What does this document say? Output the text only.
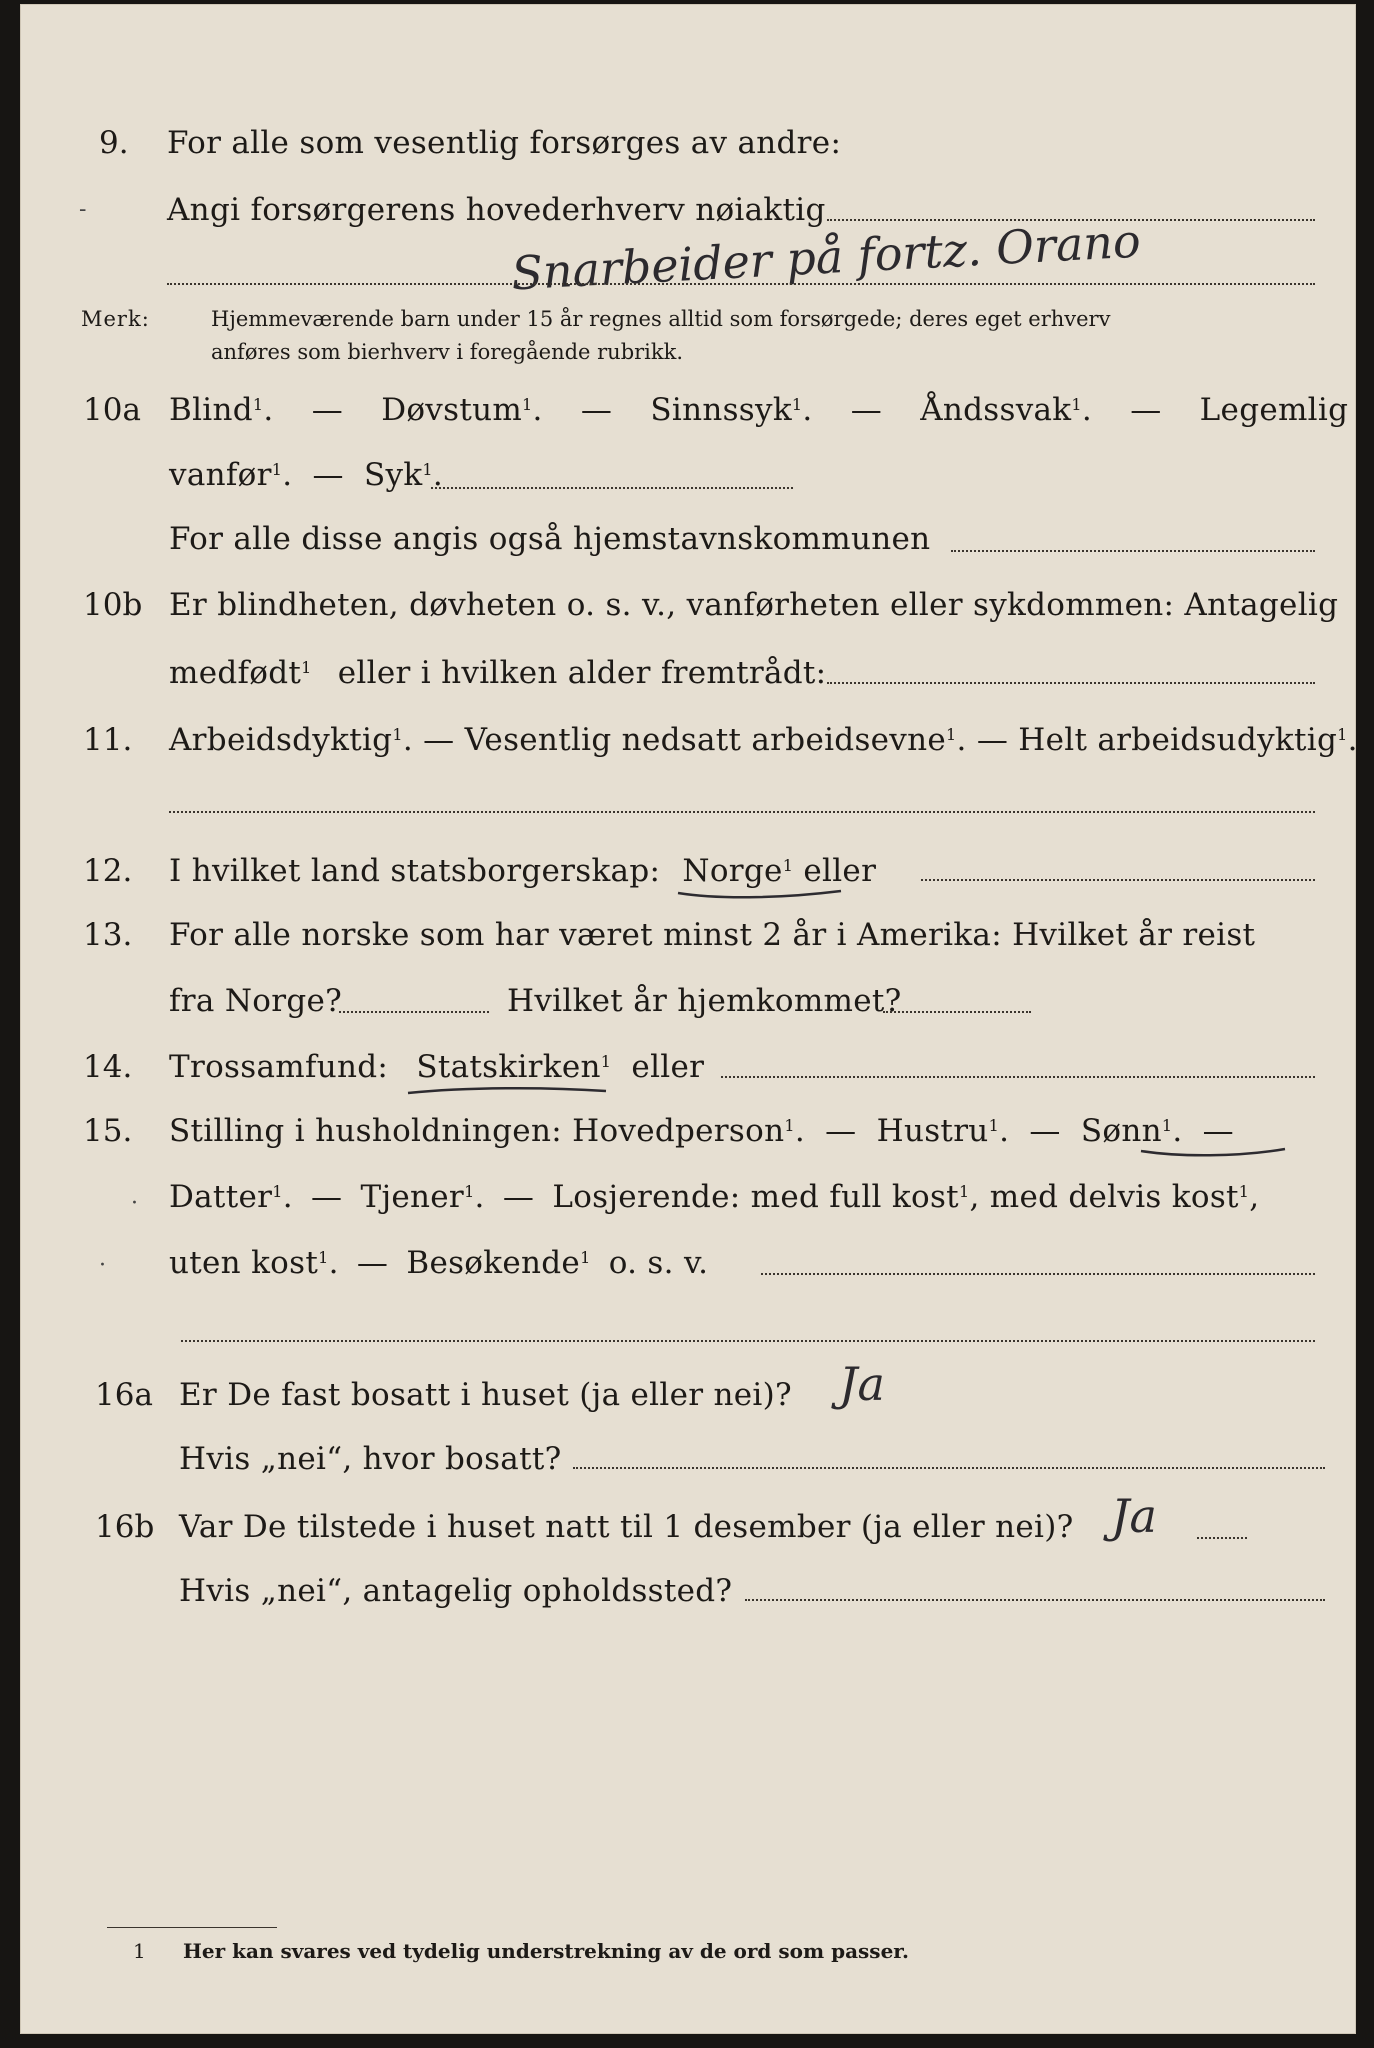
9. For alle som vesentlig forsørges av andre:
-	Angi forsørgerens hovederhverv nøiaktig
Snarbeider på fortz. Orano
Merk:	Hjemmeværende barn under 15 år regnes alltid som forsørgede; deres eget erhverv
anføres som bierhverv i foregående rubrikk.
10a Blind$^1$. — Døvstum$^1$. — Sinnssyk$^1$. — Åndssvak$^1$. — Legemlig
vanfør$^1$. — Syk$^1$.
For alle disse angis også hjemstavnskommunen
10b Er blindheten, døvheten o. s. v., vanførheten eller sykdommen: Antagelig
medfødt$^1$ eller i hvilken alder fremtrådt:
11. Arbeidsdyktig$^1$. — Vesentlig nedsatt arbeidsevne$^1$. — Helt arbeidsudyktig$^1$.
12. I hvilket land statsborgerskap: Norge$^1$ eller
13. For alle norske som har været minst 2 år i Amerika: Hvilket år reist
fra Norge?	Hvilket år hjemkommet?
14. Trossamfund: Statskirken$^1$ eller
15. Stilling i husholdningen: Hovedperson$^1$. — Hustru$^1$. — Sønn$^1$. —
· Datter$^1$. — Tjener$^1$. — Losjerende: med full kost$^1$, med delvis kost$^1$,
· uten kost$^1$. — Besøkende$^1$ o. s. v.
16a Er De fast bosatt i huset (ja eller nei)? Ja
Hvis „nei“, hvor bosatt?
16b Var De tilstede i huset natt til 1 desember (ja eller nei)? Ja
Hvis „nei“, antagelig opholdssted?
1 Her kan svares ved tydelig understrekning av de ord som passer.
